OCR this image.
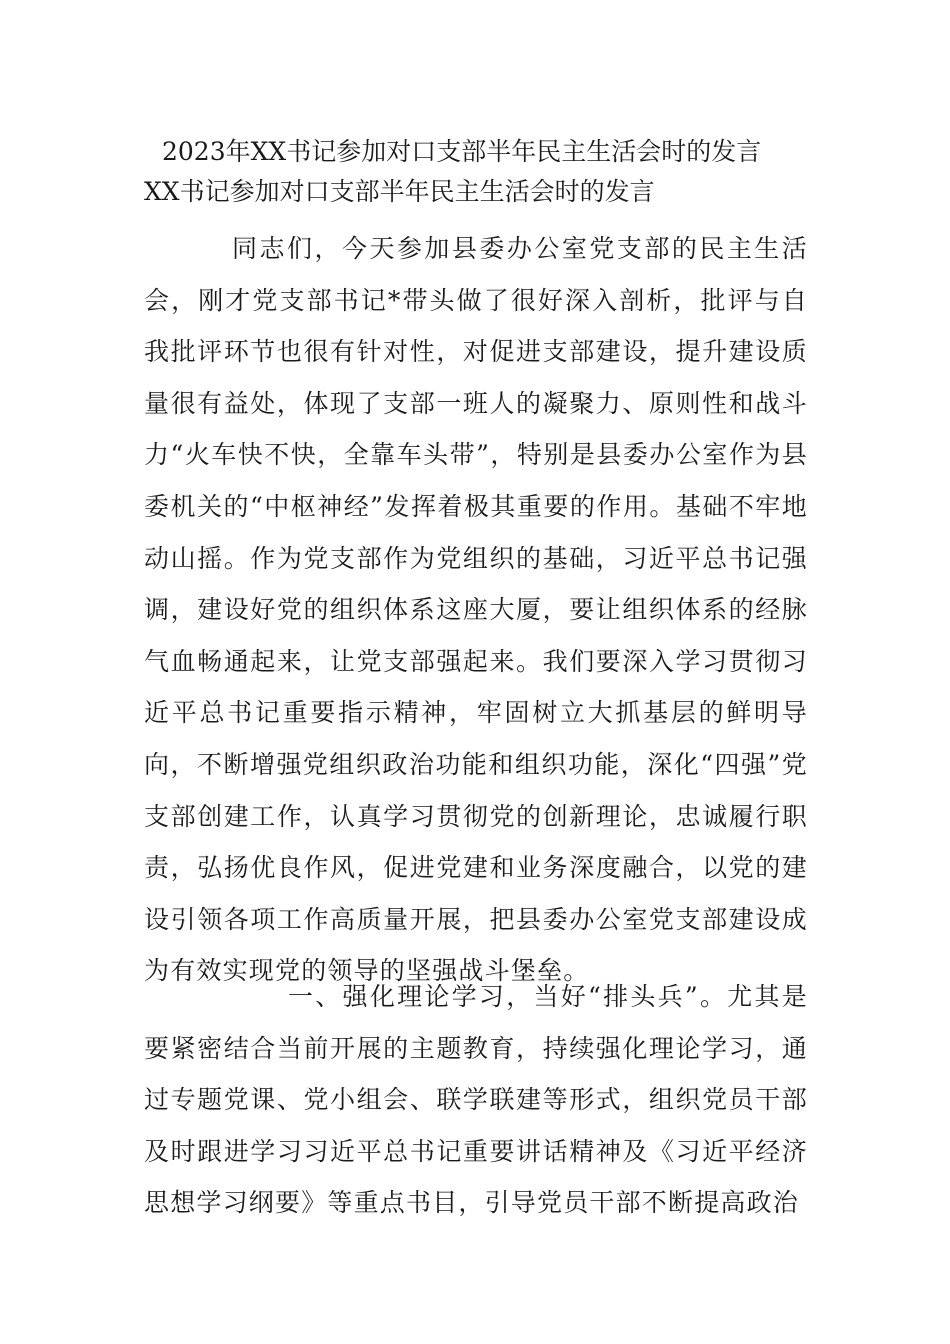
2023年XX书记参加对口支部半年民主生活会时的发言
XX书记参加对口支部半年民主生活会时的发言

同志们，今天参加县委办公室党支部的民主生活会，刚才党支部书记*带头做了很好深入剖析，批评与自我批评环节也很有针对性，对促进支部建设，提升建设质量很有益处，体现了支部一班人的凝聚力、原则性和战斗力“火车快不快，全靠车头带”，特别是县委办公室作为县委机关的“中枢神经”发挥着极其重要的作用。基础不牢地动山摇。作为党支部作为党组织的基础，习近平总书记强调，建设好党的组织体系这座大厦，要让组织体系的经脉气血畅通起来，让党支部强起来。我们要深入学习贯彻习近平总书记重要指示精神，牢固树立大抓基层的鲜明导向，不断增强党组织政治功能和组织功能，深化“四强”党支部创建工作，认真学习贯彻党的创新理论，忠诚履行职责，弘扬优良作风，促进党建和业务深度融合，以党的建设引领各项工作高质量开展，把县委办公室党支部建设成为有效实现党的领导的坚强战斗堡垒。

一、强化理论学习，当好“排头兵”。尤其是要紧密结合当前开展的主题教育，持续强化理论学习，通过专题党课、党小组会、联学联建等形式，组织党员干部及时跟进学习习近平总书记重要讲话精神及《习近平经济思想学习纲要》等重点书目，引导党员干部不断提高政治
